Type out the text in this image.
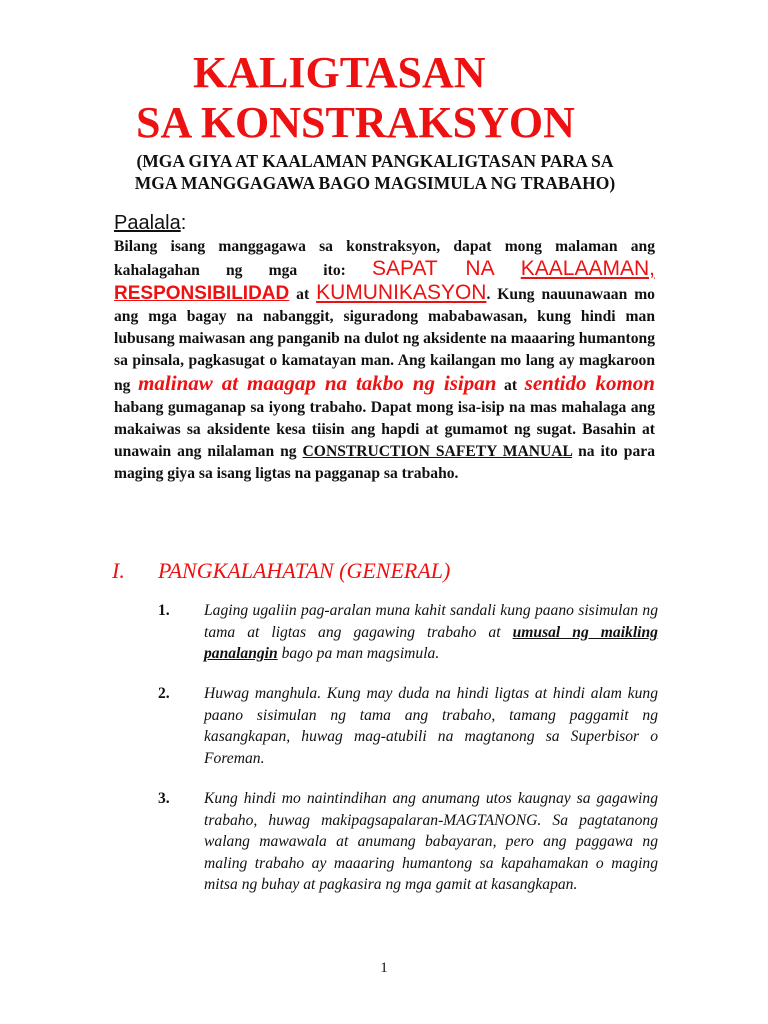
KALIGTASAN
SA KONSTRAKSYON
(MGA GIYA AT KAALAMAN PANGKALIGTASAN PARA SA
MGA MANGGAGAWA BAGO MAGSIMULA NG TRABAHO)
Paalala:
Bilang isang manggagawa sa konstraksyon, dapat mong malaman ang kahalagahan ng mga ito: SAPAT NA KAALAAMAN, RESPONSIBILIDAD at KUMUNIKASYON. Kung nauunawaan mo ang mga bagay na nabanggit, siguradong mababawasan, kung hindi man lubusang maiwasan ang panganib na dulot ng aksidente na maaaring humantong sa pinsala, pagkasugat o kamatayan man. Ang kailangan mo lang ay magkaroon ng malinaw at maagap na takbo ng isipan at sentido komon habang gumaganap sa iyong trabaho. Dapat mong isa-isip na mas mahalaga ang makaiwas sa aksidente kesa tiisin ang hapdi at gumamot ng sugat. Basahin at unawain ang nilalaman ng CONSTRUCTION SAFETY MANUAL na ito para maging giya sa isang ligtas na pagganap sa trabaho.
I. PANGKALAHATAN (GENERAL)
1. Laging ugaliin pag-aralan muna kahit sandali kung paano sisimulan ng tama at ligtas ang gagawing trabaho at umusal ng maikling panalangin bago pa man magsimula.
2. Huwag manghula. Kung may duda na hindi ligtas at hindi alam kung paano sisimulan ng tama ang trabaho, tamang paggamit ng kasangkapan, huwag mag-atubili na magtanong sa Superbisor o Foreman.
3. Kung hindi mo naintindihan ang anumang utos kaugnay sa gagawing trabaho, huwag makipagsapalaran-MAGTANONG. Sa pagtatanong walang mawawala at anumang babayaran, pero ang paggawa ng maling trabaho ay maaaring humantong sa kapahamakan o maging mitsa ng buhay at pagkasira ng mga gamit at kasangkapan.
1
